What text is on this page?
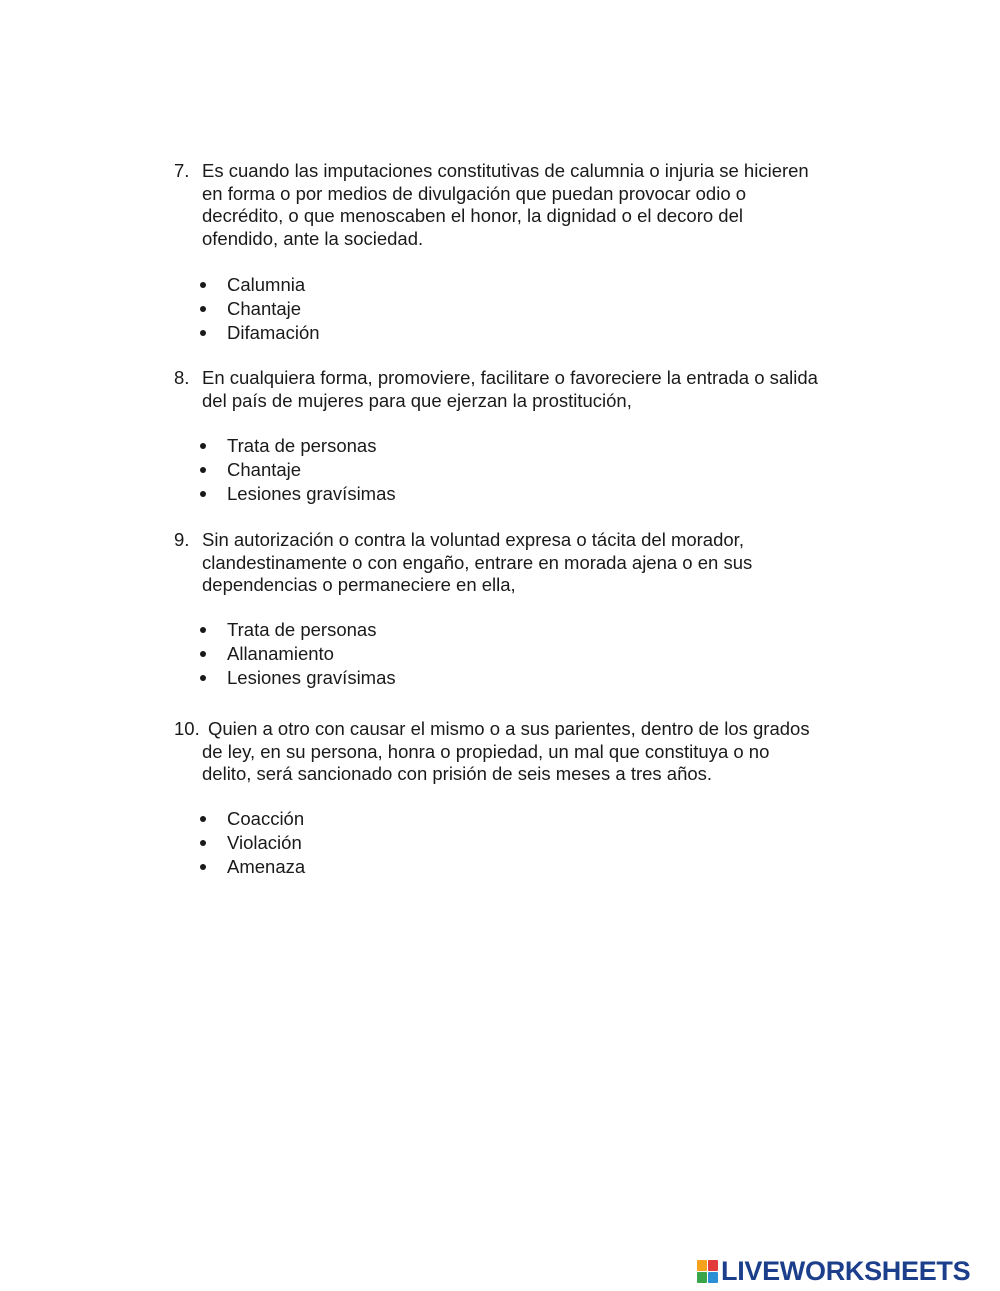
7. Es cuando las imputaciones constitutivas de calumnia o injuria se hicieren
en forma o por medios de divulgación que puedan provocar odio o
decrédito, o que menoscaben el honor, la dignidad o el decoro del
ofendido, ante la sociedad.
Calumnia
Chantaje
Difamación
8. En cualquiera forma, promoviere, facilitare o favoreciere la entrada o salida
del país de mujeres para que ejerzan la prostitución,
Trata de personas
Chantaje
Lesiones gravísimas
9. Sin autorización o contra la voluntad expresa o tácita del morador,
clandestinamente o con engaño, entrare en morada ajena o en sus
dependencias o permaneciere en ella,
Trata de personas
Allanamiento
Lesiones gravísimas
10. Quien a otro con causar el mismo o a sus parientes, dentro de los grados
de ley, en su persona, honra o propiedad, un mal que constituya o no
delito, será sancionado con prisión de seis meses a tres años.
Coacción
Violación
Amenaza
LIVEWORKSHEETS
